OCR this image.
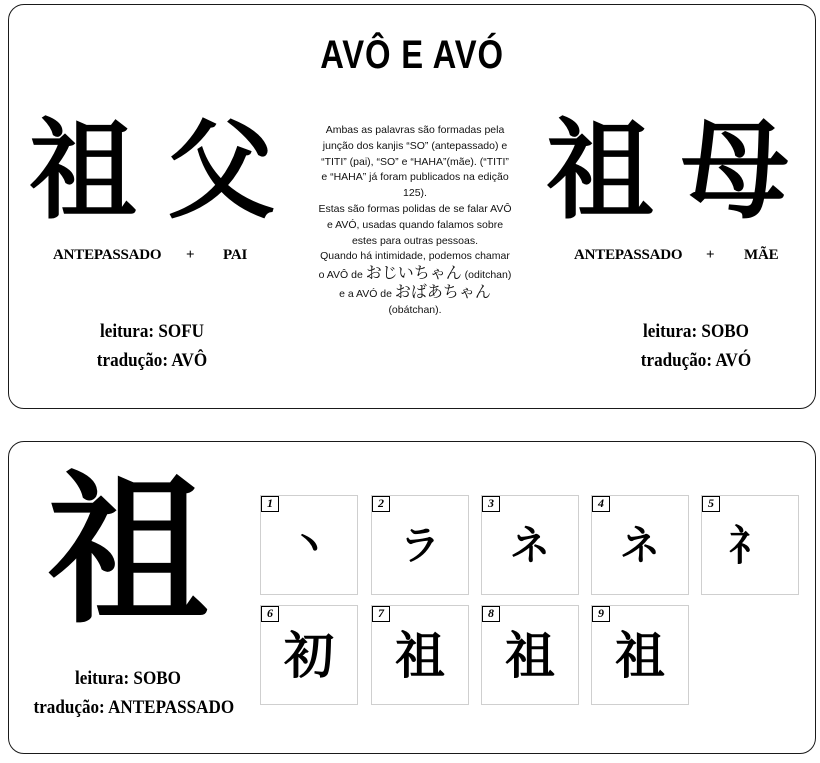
AVÔ E AVÓ
祖 父
ANTEPASSADO + PAI
leitura: SOFU
tradução: AVÔ

Ambas as palavras são formadas pela junção dos kanjis “SO” (antepassado) e “TITI” (pai), “SO” e “HAHA”(mãe). (“TITI” e “HAHA” já foram publicados na edição 125).

Estas são formas polidas de se falar AVÔ e AVÓ, usadas quando falamos sobre estes para outras pessoas.

Quando há intimidade, podemos chamar o AVÔ de おじいちゃん (oditchan) e a AVÓ de おばあちゃん (obátchan).

祖 母
ANTEPASSADO + MÃE
leitura: SOBO
tradução: AVÓ
祖
leitura: SOBO
tradução: ANTEPASSADO
1
丶
2
ラ
3
ネ
4
ネ
5
礻
6
初
7
祖
8
祖
9
祖
